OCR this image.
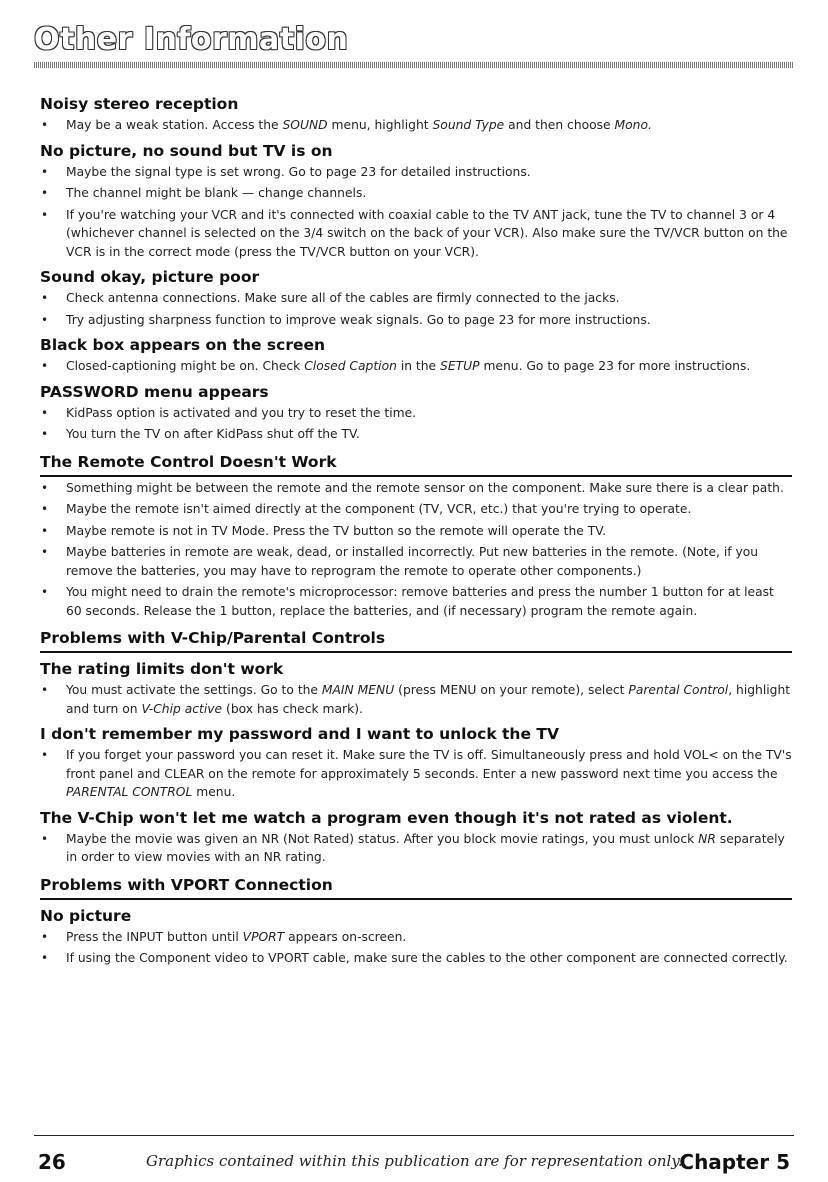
Other Information
Noisy stereo reception
• May be a weak station. Access the SOUND menu, highlight Sound Type and then choose Mono.
No picture, no sound but TV is on
• Maybe the signal type is set wrong. Go to page 23 for detailed instructions.
• The channel might be blank — change channels.
• If you're watching your VCR and it's connected with coaxial cable to the TV ANT jack, tune the TV to channel 3 or 4 (whichever channel is selected on the 3/4 switch on the back of your VCR). Also make sure the TV/VCR button on the VCR is in the correct mode (press the TV/VCR button on your VCR).
Sound okay, picture poor
• Check antenna connections. Make sure all of the cables are firmly connected to the jacks.
• Try adjusting sharpness function to improve weak signals. Go to page 23 for more instructions.
Black box appears on the screen
• Closed-captioning might be on. Check Closed Caption in the SETUP menu. Go to page 23 for more instructions.
PASSWORD menu appears
• KidPass option is activated and you try to reset the time.
• You turn the TV on after KidPass shut off the TV.
The Remote Control Doesn't Work
• Something might be between the remote and the remote sensor on the component. Make sure there is a clear path.
• Maybe the remote isn't aimed directly at the component (TV, VCR, etc.) that you're trying to operate.
• Maybe remote is not in TV Mode. Press the TV button so the remote will operate the TV.
• Maybe batteries in remote are weak, dead, or installed incorrectly. Put new batteries in the remote. (Note, if you remove the batteries, you may have to reprogram the remote to operate other components.)
• You might need to drain the remote's microprocessor: remove batteries and press the number 1 button for at least 60 seconds. Release the 1 button, replace the batteries, and (if necessary) program the remote again.
Problems with V-Chip/Parental Controls
The rating limits don't work
• You must activate the settings. Go to the MAIN MENU (press MENU on your remote), select Parental Control, highlight and turn on V-Chip active (box has check mark).
I don't remember my password and I want to unlock the TV
• If you forget your password you can reset it. Make sure the TV is off. Simultaneously press and hold VOL< on the TV's front panel and CLEAR on the remote for approximately 5 seconds. Enter a new password next time you access the PARENTAL CONTROL menu.
The V-Chip won't let me watch a program even though it's not rated as violent.
• Maybe the movie was given an NR (Not Rated) status. After you block movie ratings, you must unlock NR separately in order to view movies with an NR rating.
Problems with VPORT Connection
No picture
• Press the INPUT button until VPORT appears on-screen.
• If using the Component video to VPORT cable, make sure the cables to the other component are connected correctly.
26	Graphics contained within this publication are for representation only.
Chapter 5
